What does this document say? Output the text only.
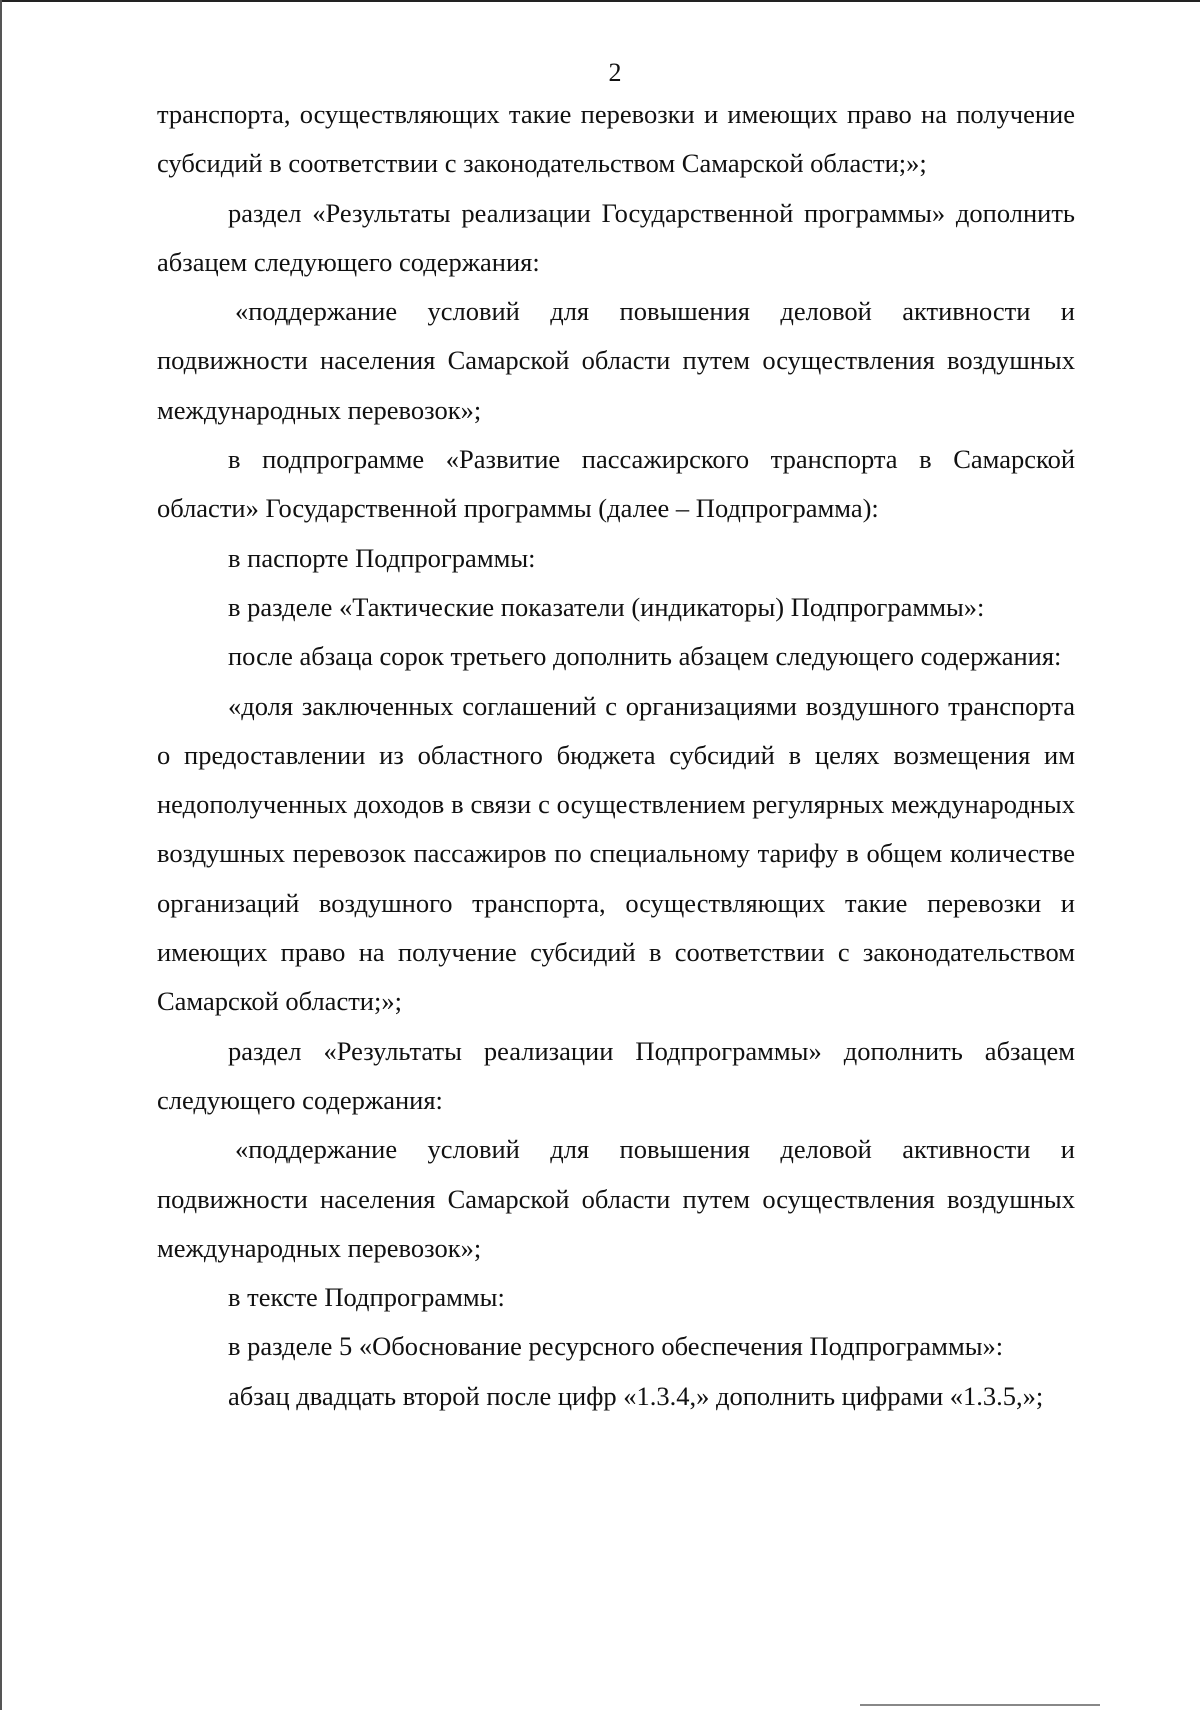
2

транспорта, осуществляющих такие перевозки и имеющих право на получение субсидий в соответствии с законодательством Самарской области;»;

раздел «Результаты реализации Государственной программы» дополнить абзацем следующего содержания:

«поддержание условий для повышения деловой активности и подвижности населения Самарской области путем осуществления воздушных международных перевозок»;

в подпрограмме «Развитие пассажирского транспорта в Самарской области» Государственной программы (далее – Подпрограмма):

в паспорте Подпрограммы:

в разделе «Тактические показатели (индикаторы) Подпрограммы»:

после абзаца сорок третьего дополнить абзацем следующего содержания:

«доля заключенных соглашений с организациями воздушного транспорта о предоставлении из областного бюджета субсидий в целях возмещения им недополученных доходов в связи с осуществлением регулярных международных воздушных перевозок пассажиров по специальному тарифу в общем количестве организаций воздушного транспорта, осуществляющих такие перевозки и имеющих право на получение субсидий в соответствии с законодательством Самарской области;»;

раздел «Результаты реализации Подпрограммы» дополнить абзацем следующего содержания:

«поддержание условий для повышения деловой активности и подвижности населения Самарской области путем осуществления воздушных международных перевозок»;

в тексте Подпрограммы:

в разделе 5 «Обоснование ресурсного обеспечения Подпрограммы»:

абзац двадцать второй после цифр «1.3.4,» дополнить цифрами «1.3.5,»;
